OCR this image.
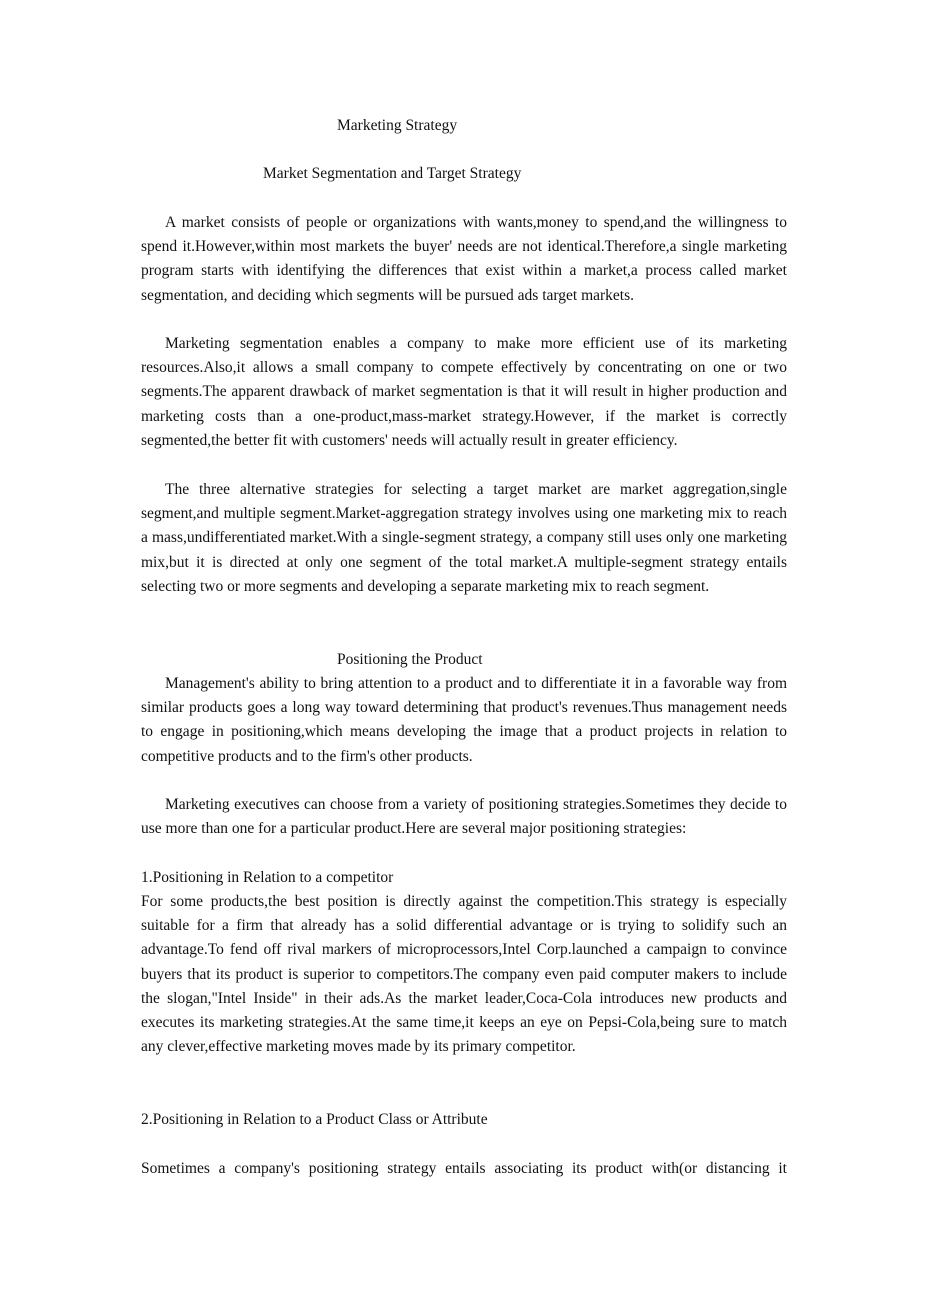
Marketing Strategy
Market Segmentation and Target Strategy

A market consists of people or organizations with wants,money to spend,and the willingness to spend it.However,within most markets the buyer' needs are not identical.Therefore,a single marketing program starts with identifying the differences that exist within a market,a process called market segmentation, and deciding which segments will be pursued ads target markets.

Marketing segmentation enables a company to make more efficient use of its marketing resources.Also,it allows a small company to compete effectively by concentrating on one or two segments.The apparent drawback of market segmentation is that it will result in higher production and marketing costs than a one-product,mass-market strategy.However, if the market is correctly segmented,the better fit with customers' needs will actually result in greater efficiency.

The three alternative strategies for selecting a target market are market aggregation,single segment,and multiple segment.Market-aggregation strategy involves using one marketing mix to reach a mass,undifferentiated market.With a single-segment strategy, a company still uses only one marketing mix,but it is directed at only one segment of the total market.A multiple-segment strategy entails selecting two or more segments and developing a separate marketing mix to reach segment.

Positioning the Product

Management's ability to bring attention to a product and to differentiate it in a favorable way from similar products goes a long way toward determining that product's revenues.Thus management needs to engage in positioning,which means developing the image that a product projects in relation to competitive products and to the firm's other products.

Marketing executives can choose from a variety of positioning strategies.Sometimes they decide to use more than one for a particular product.Here are several major positioning strategies:

1.Positioning in Relation to a competitor

For some products,the best position is directly against the competition.This strategy is especially suitable for a firm that already has a solid differential advantage or is trying to solidify such an advantage.To fend off rival markers of microprocessors,Intel Corp.launched a campaign to convince buyers that its product is superior to competitors.The company even paid computer makers to include the slogan,"Intel Inside" in their ads.As the market leader,Coca-Cola introduces new products and executes its marketing strategies.At the same time,it keeps an eye on Pepsi-Cola,being sure to match any clever,effective marketing moves made by its primary competitor.

2.Positioning in Relation to a Product Class or Attribute

Sometimes a company's positioning strategy entails associating its product with(or distancing it
